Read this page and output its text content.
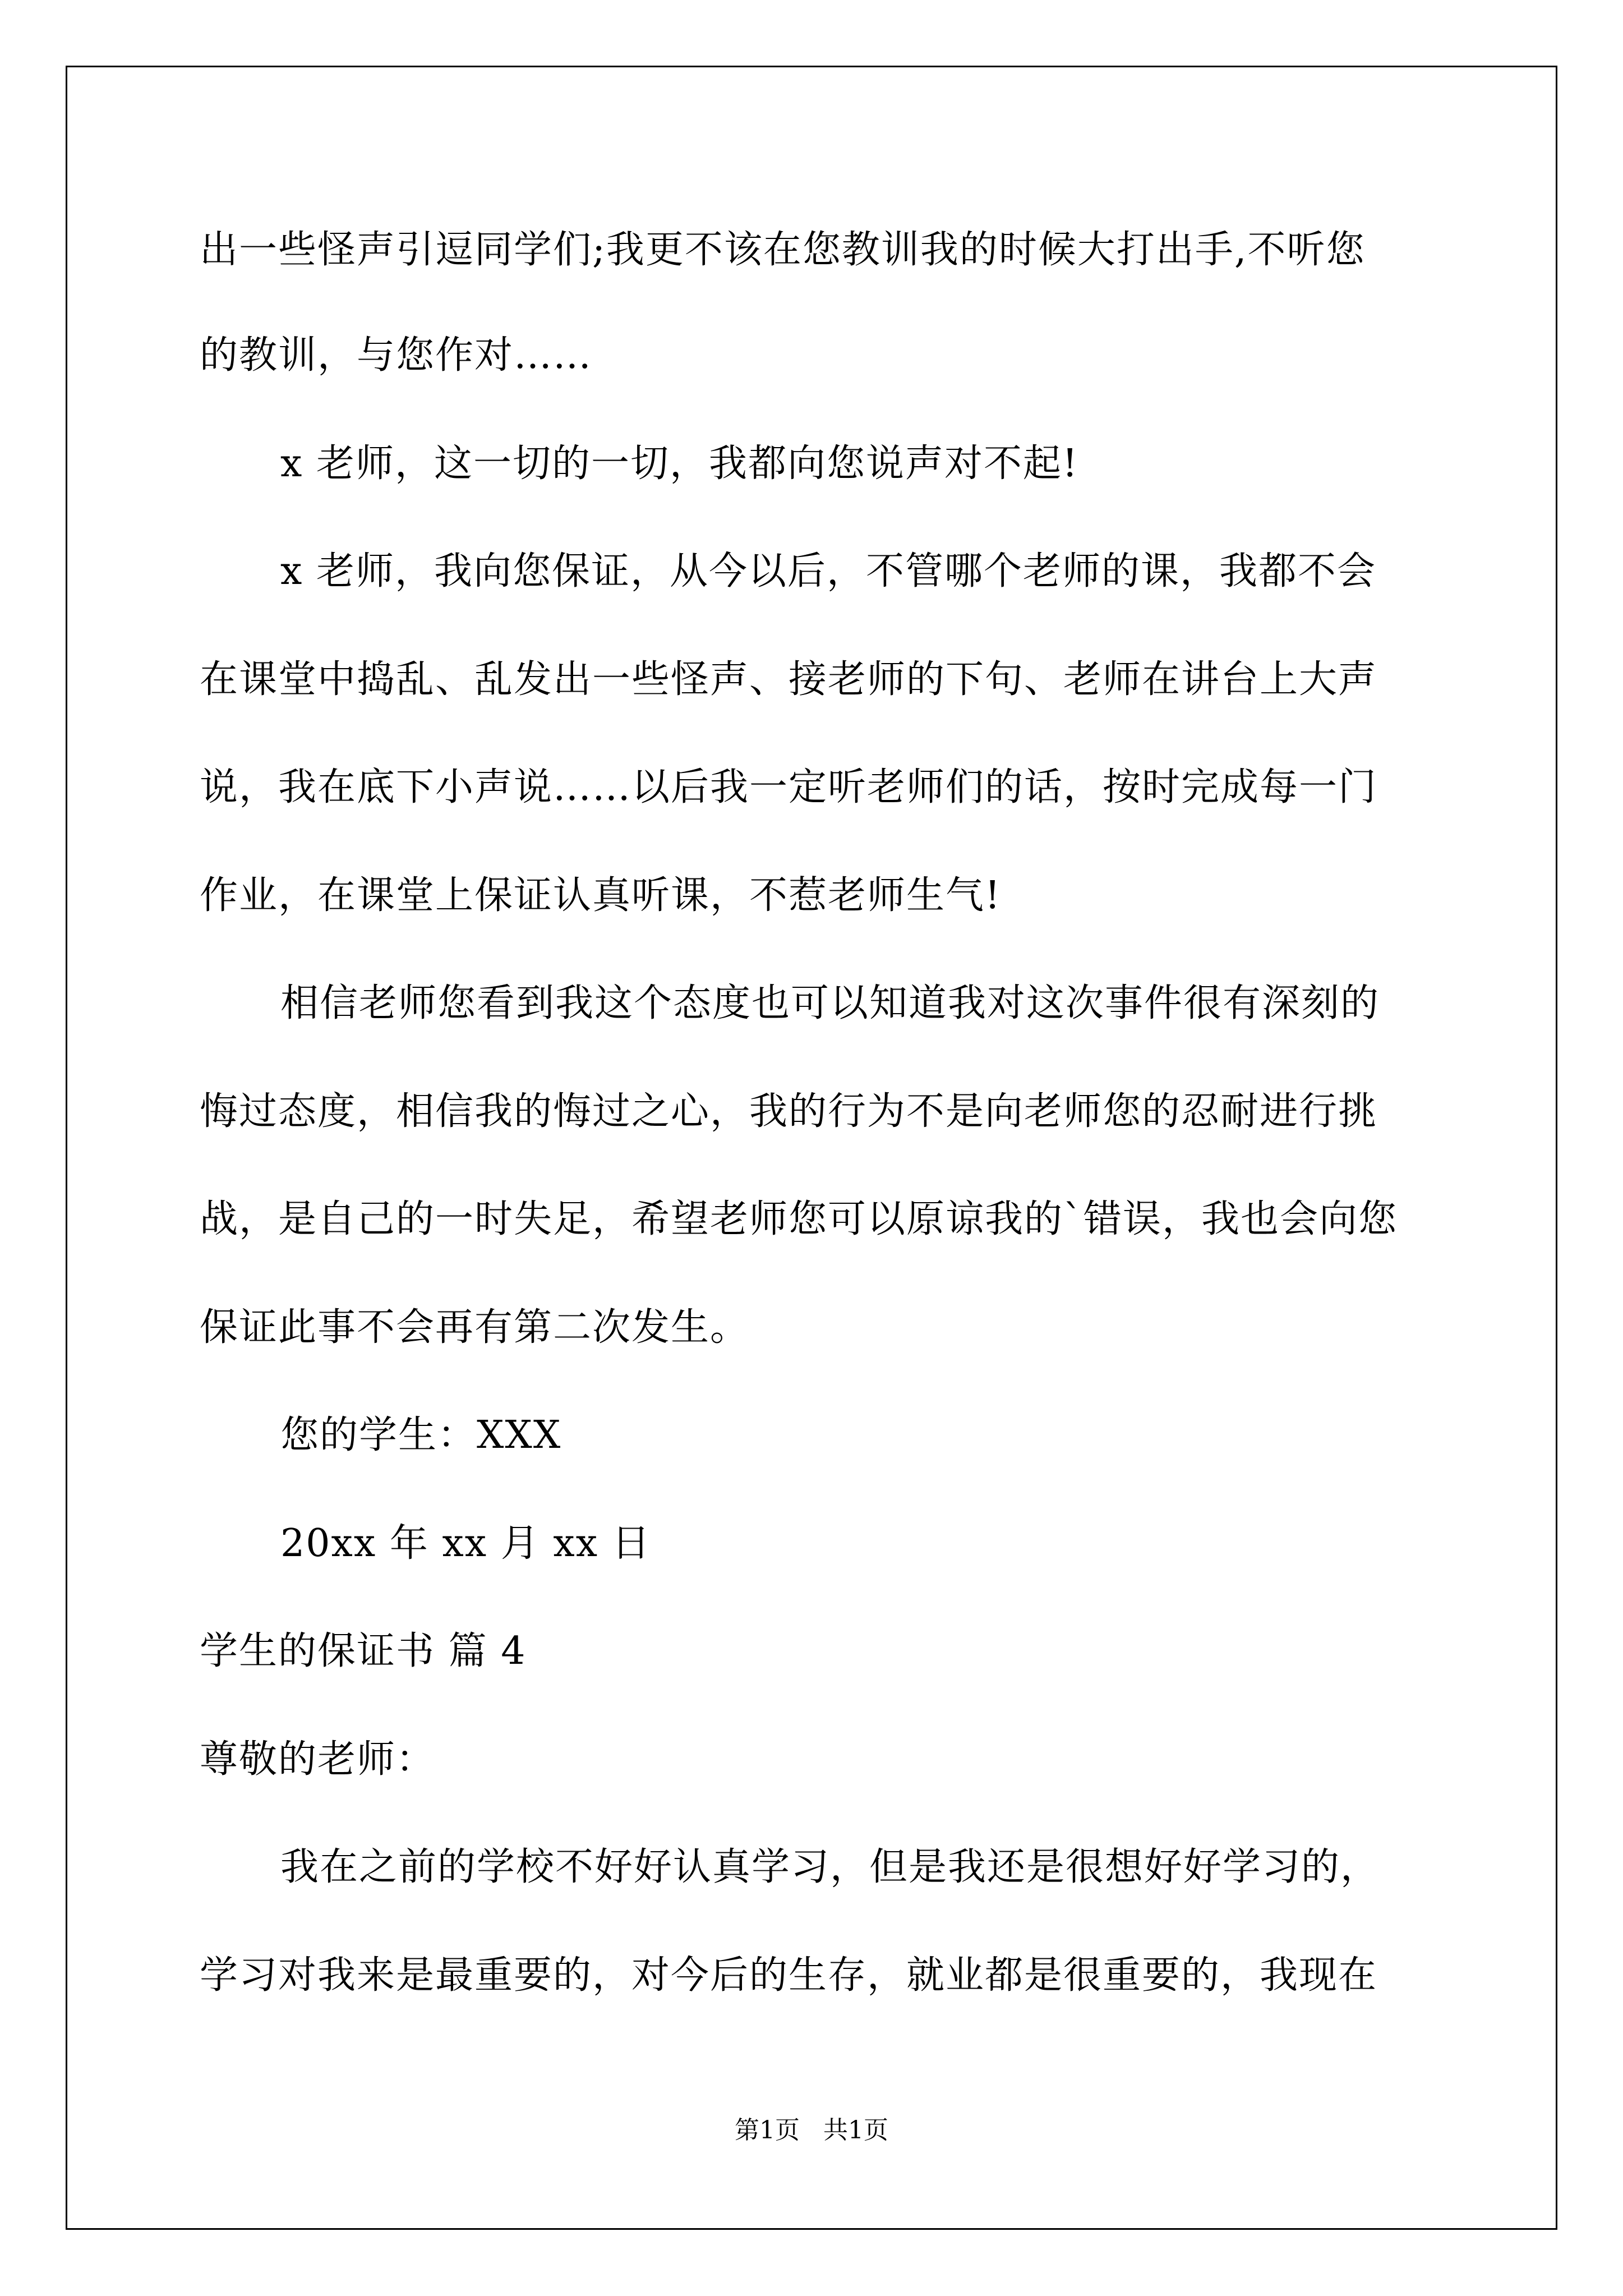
出一些怪声引逗同学们;我更不该在您教训我的时候大打出手,不听您
的教训，与您作对……
x 老师，这一切的一切，我都向您说声对不起!
x 老师，我向您保证，从今以后，不管哪个老师的课，我都不会
在课堂中捣乱、乱发出一些怪声、接老师的下句、老师在讲台上大声
说，我在底下小声说……以后我一定听老师们的话，按时完成每一门
作业，在课堂上保证认真听课，不惹老师生气!
相信老师您看到我这个态度也可以知道我对这次事件很有深刻的
悔过态度，相信我的悔过之心，我的行为不是向老师您的忍耐进行挑
战，是自己的一时失足，希望老师您可以原谅我的`错误，我也会向您
保证此事不会再有第二次发生。
您的学生：XXX
20xx 年 xx 月 xx 日
学生的保证书 篇 4
尊敬的老师：
我在之前的学校不好好认真学习，但是我还是很想好好学习的，
学习对我来是最重要的，对今后的生存，就业都是很重要的，我现在
第1页   共1页
